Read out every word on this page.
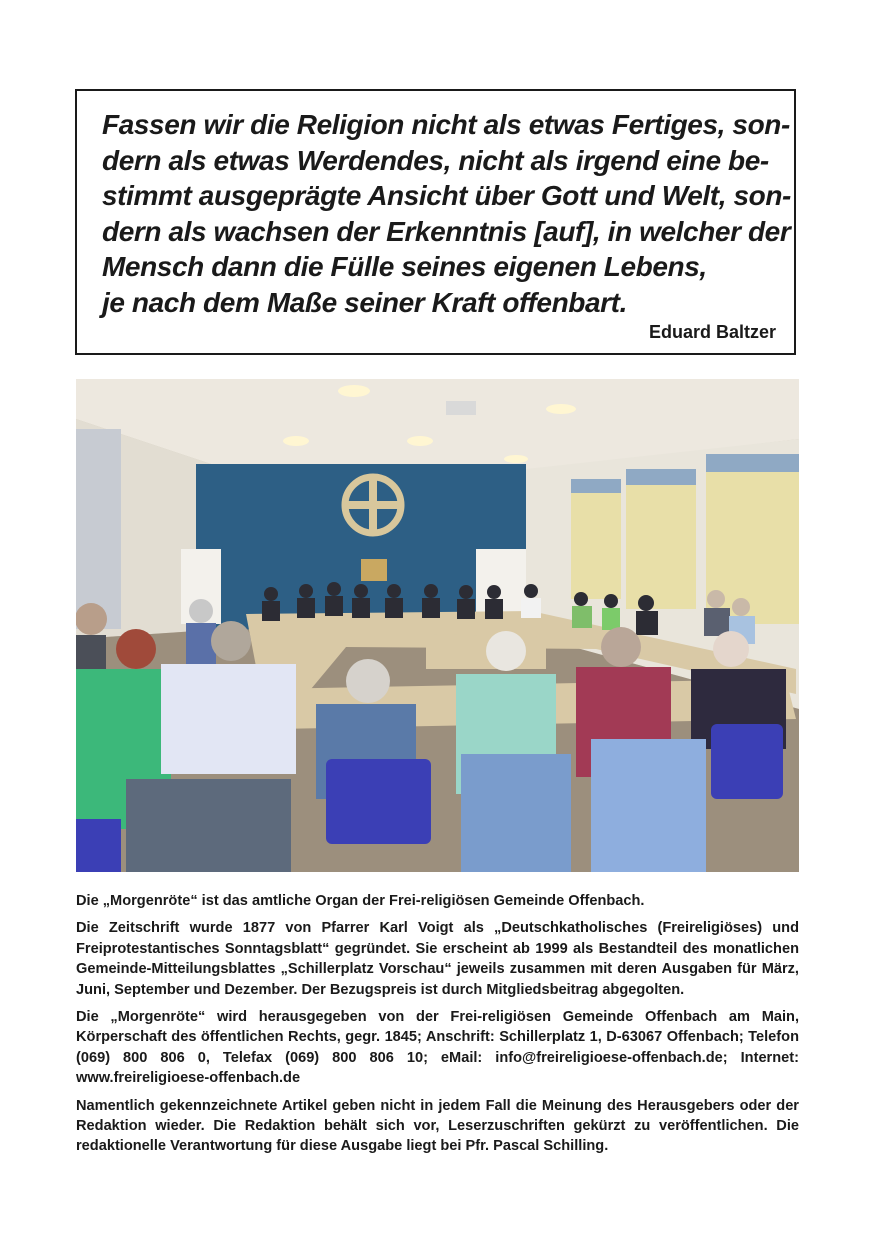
Fassen wir die Religion nicht als etwas Fertiges, son-
dern als etwas Werdendes, nicht als irgend eine be-
stimmt ausgeprägte Ansicht über Gott und Welt, son-
dern als wachsen der Erkenntnis [auf], in welcher der
Mensch dann die Fülle seines eigenen Lebens,
je nach dem Maße seiner Kraft offenbart.
Eduard Baltzer

Die „Morgenröte“ ist das amtliche Organ der Frei-religiösen Gemeinde Offenbach.

Die Zeitschrift wurde 1877 von Pfarrer Karl Voigt als „Deutschkatholisches (Freireligiöses) und Freiprotestantisches Sonntagsblatt“ gegründet. Sie erscheint ab 1999 als Bestandteil des monatlichen Gemeinde-Mitteilungsblattes „Schillerplatz Vorschau“ jeweils zusammen mit deren Ausgaben für März, Juni, September und Dezember. Der Bezugspreis ist durch Mitgliedsbeitrag abgegolten.

Die „Morgenröte“ wird herausgegeben von der Frei-religiösen Gemeinde Offenbach am Main, Körperschaft des öffentlichen Rechts, gegr. 1845; Anschrift: Schillerplatz 1, D-63067 Offenbach; Telefon (069) 800 806 0, Telefax (069) 800 806 10; eMail: info@freireligioese-offenbach.de; Internet: www.freireligioese-offenbach.de

Namentlich gekennzeichnete Artikel geben nicht in jedem Fall die Meinung des Herausgebers oder der Redaktion wieder. Die Redaktion behält sich vor, Leserzuschriften gekürzt zu veröffentlichen. Die redaktionelle Verantwortung für diese Ausgabe liegt bei Pfr. Pascal Schilling.
